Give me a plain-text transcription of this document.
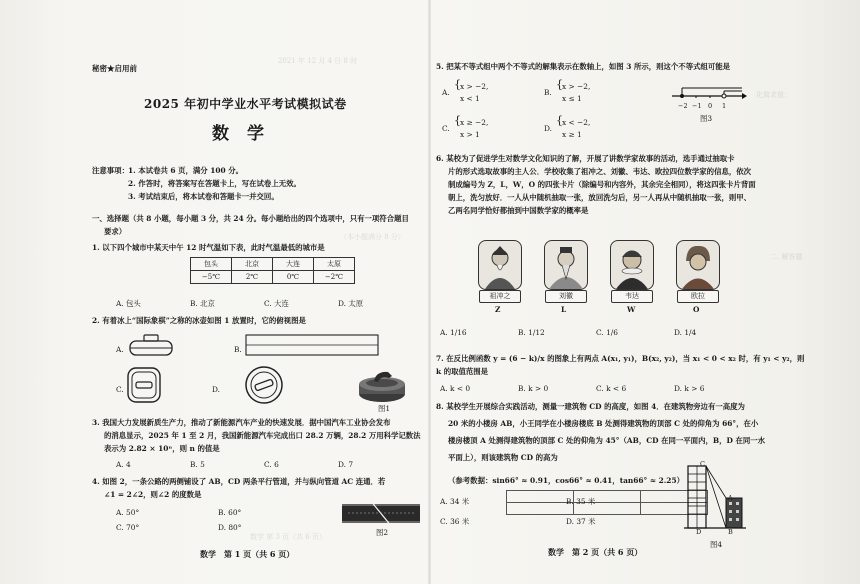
2021 年 12 月 4 日 8 时
（本小题满分 8 分）
数学 第 3 页（共 6 页）
化简求值：
二. 解答题
秘密★启用前
2025 年初中学业水平考试模拟试卷
数学
注意事项： 1. 本试卷共 6 页，满分 100 分。
2. 作答时，将答案写在答题卡上，写在试卷上无效。
3. 考试结束后，将本试卷和答题卡一并交回。
一、选择题（共 8 小题，每小题 3 分，共 24 分。每小题给出的四个选项中，只有一项符合题目
要求）
1. 以下四个城市中某天中午 12 时气温如下表，此时气温最低的城市是
包头	北京	大连	太原
−5℃	2℃	0℃	−2℃
A. 包头	B. 北京	C. 大连	D. 太原
2. 有着冰上“国际象棋”之称的冰壶如图 1 放置时，它的俯视图是
A.	B.
C.	D.
图1
3. 我国大力发展新质生产力，推动了新能源汽车产业的快速发展．据中国汽车工业协会发布
的消息显示，2025 年 1 至 2 月，我国新能源汽车完成出口 28.2 万辆，28.2 万用科学记数法
表示为 2.82 × 10ⁿ，则 n 的值是
A. 4	B. 5	C. 6	D. 7
4. 如图 2，一条公路的两侧铺设了 AB，CD 两条平行管道，并与纵向管道 AC 连通．若
∠1 = 2∠2，则∠2 的度数是
A. 50°	B. 60°
C. 70°	D. 80°
图2
数学　第 1 页（共 6 页）
5. 把某不等式组中两个不等式的解集表示在数轴上，如图 3 所示，则这个不等式组可能是
A.
{ x > −2,
x < 1
B.
{ x > −2,
x ≤ 1
C.
{ x ≥ −2,
x > 1
D.
{ x < −2,
x ≥ 1
−2 −1 0 1
图3
6. 某校为了促进学生对数学文化知识的了解，开展了讲数学家故事的活动，选手通过抽取卡
片的形式选取故事的主人公．学校收集了祖冲之、刘徽、韦达、欧拉四位数学家的信息，依次
制成编号为 Z，L，W，O 的四张卡片（除编号和内容外，其余完全相同），将这四张卡片背面
朝上，洗匀放好．一人从中随机抽取一张，放回洗匀后，另一人再从中随机抽取一张，则甲、
乙两名同学恰好都抽到中国数学家的概率是
祖冲之
Z
刘徽
L
韦达
W
欧拉
O
A. 1/16	B. 1/12	C. 1/6	D. 1/4
7. 在反比例函数 y = (6 − k)/x 的图象上有两点 A(x₁, y₁)，B(x₂, y₂)，当 x₁ < 0 < x₂ 时，有 y₁ < y₂，则
k 的取值范围是
A. k < 0	B. k > 0	C. k < 6	D. k > 6
8. 某校学生开展综合实践活动，测量一建筑物 CD 的高度，如图 4．在建筑物旁边有一高度为
20 米的小楼房 AB，小王同学在小楼房楼底 B 处测得建筑物的顶部 C 处的仰角为 66°，在小
楼房楼顶 A 处测得建筑物的顶部 C 处的仰角为 45°（AB，CD 在同一平面内，B，D 在同一水
平面上），则该建筑物 CD 的高为
（参考数据：sin66° ≈ 0.91，cos66° ≈ 0.41，tan66° ≈ 2.25）

A. 34 米	B. 35 米
C. 36 米	D. 37 米
C
A
B
D
图4
数学　第 2 页（共 6 页）
